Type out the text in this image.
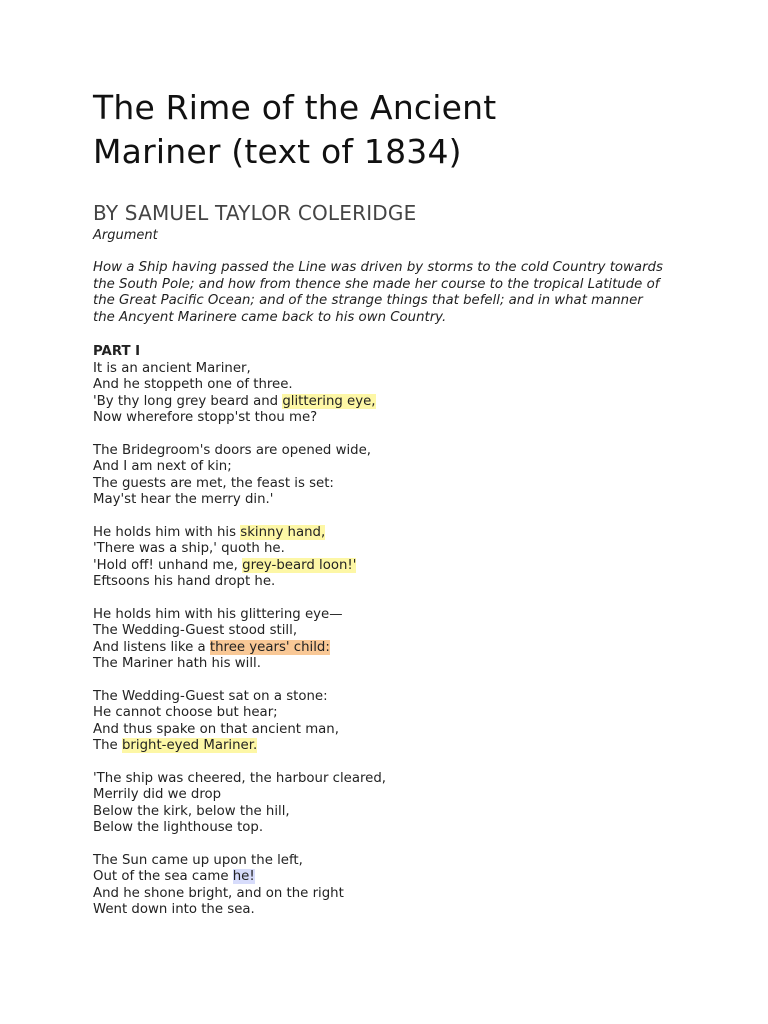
The Rime of the Ancient
Mariner (text of 1834)
BY SAMUEL TAYLOR COLERIDGE
Argument
How a Ship having passed the Line was driven by storms to the cold Country towards the South Pole; and how from thence she made her course to the tropical Latitude of the Great Pacific Ocean; and of the strange things that befell; and in what manner the Ancyent Marinere came back to his own Country.
PART I
It is an ancient Mariner,
And he stoppeth one of three.
'By thy long grey beard and glittering eye,
Now wherefore stopp'st thou me?
The Bridegroom's doors are opened wide,
And I am next of kin;
The guests are met, the feast is set:
May'st hear the merry din.'
He holds him with his skinny hand,
'There was a ship,' quoth he.
'Hold off! unhand me, grey-beard loon!'
Eftsoons his hand dropt he.
He holds him with his glittering eye—
The Wedding-Guest stood still,
And listens like a three years' child:
The Mariner hath his will.
The Wedding-Guest sat on a stone:
He cannot choose but hear;
And thus spake on that ancient man,
The bright-eyed Mariner.
'The ship was cheered, the harbour cleared,
Merrily did we drop
Below the kirk, below the hill,
Below the lighthouse top.
The Sun came up upon the left,
Out of the sea came he!
And he shone bright, and on the right
Went down into the sea.
